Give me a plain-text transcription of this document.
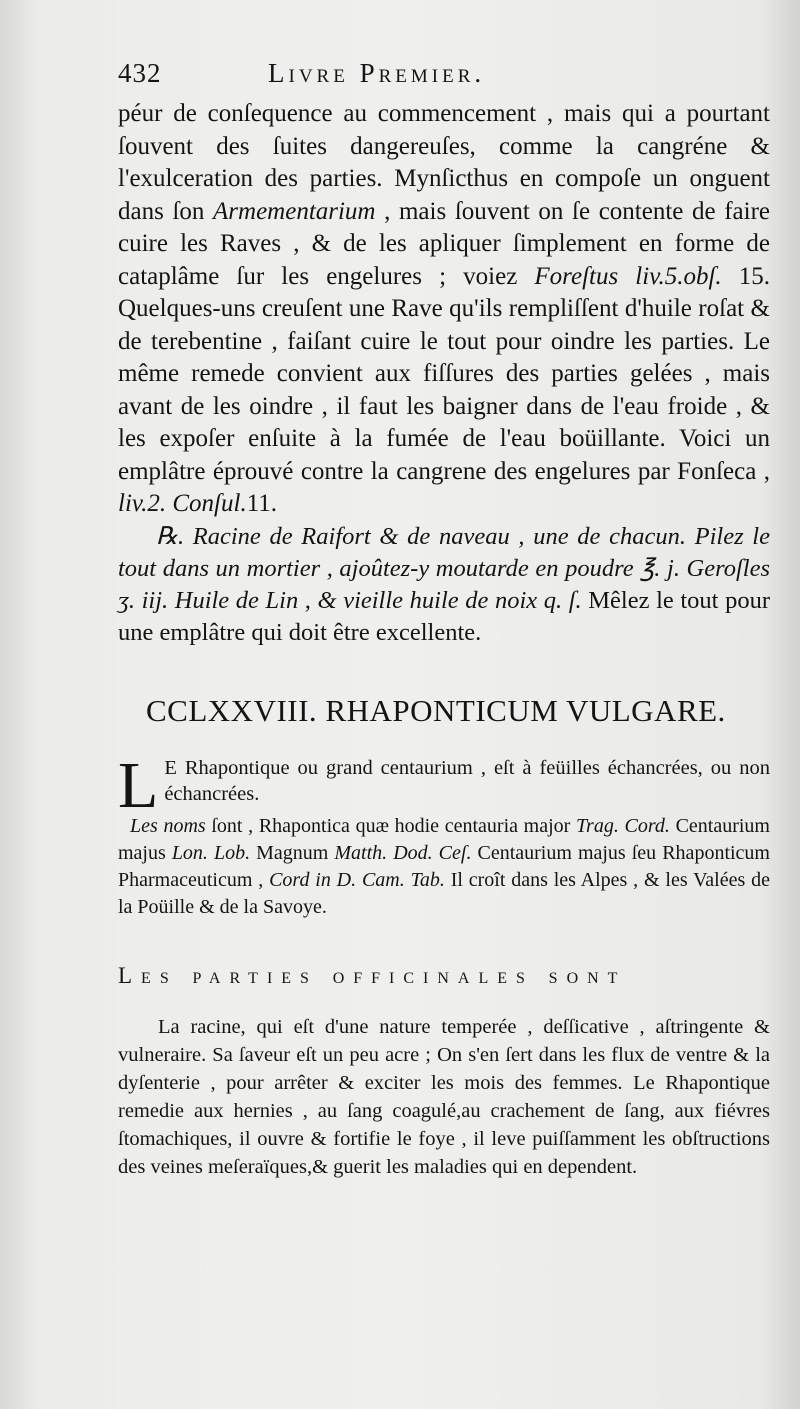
432	Livre Premier.

péur de conſequence au commencement , mais qui a pourtant ſouvent des ſuites dangereuſes, comme la cangréne & l'exulceration des parties. Mynſicthus en compoſe un onguent dans ſon Armementarium , mais ſouvent on ſe contente de faire cuire les Raves , & de les apliquer ſimplement en forme de cataplâme ſur les engelures ; voiez Foreſtus liv.5.obſ. 15. Quelques-uns creuſent une Rave qu'ils rempliſſent d'huile roſat & de terebentine , faiſant cuire le tout pour oindre les parties. Le même remede convient aux fiſſures des parties gelées , mais avant de les oindre , il faut les baigner dans de l'eau froide , & les expoſer enſuite à la fumée de l'eau boüillante. Voici un emplâtre éprouvé contre la cangrene des engelures par Fonſeca , liv.2. Conſul.11.

℞. Racine de Raifort & de naveau , une de chacun. Pilez le tout dans un mortier , ajoûtez-y moutarde en poudre ℥. j. Geroſles ʒ. iij. Huile de Lin , & vieille huile de noix q. ſ. Mêlez le tout pour une emplâtre qui doit être excellente.

CCLXXVIII. RHAPONTICUM VULGARE.

L E Rhapontique ou grand centaurium , eſt à feüilles échancrées, ou non échancrées.

Les noms ſont , Rhapontica quæ hodie centauria major Trag. Cord. Centaurium majus Lon. Lob. Magnum Matth. Dod. Ceſ. Centaurium majus ſeu Rhaponticum Pharmaceuticum , Cord in D. Cam. Tab. Il croît dans les Alpes , & les Valées de la Poüille & de la Savoye.

Les parties officinales sont

La racine, qui eſt d'une nature temperée , deſſicative , aſtringente & vulneraire. Sa ſaveur eſt un peu acre ; On s'en ſert dans les flux de ventre & la dyſenterie , pour arrêter & exciter les mois des femmes. Le Rhapontique remedie aux hernies , au ſang coagulé,au crachement de ſang, aux fiévres ſtomachiques, il ouvre & fortifie le foye , il leve puiſſamment les obſtructions des veines meſeraïques,& guerit les maladies qui en dependent.
